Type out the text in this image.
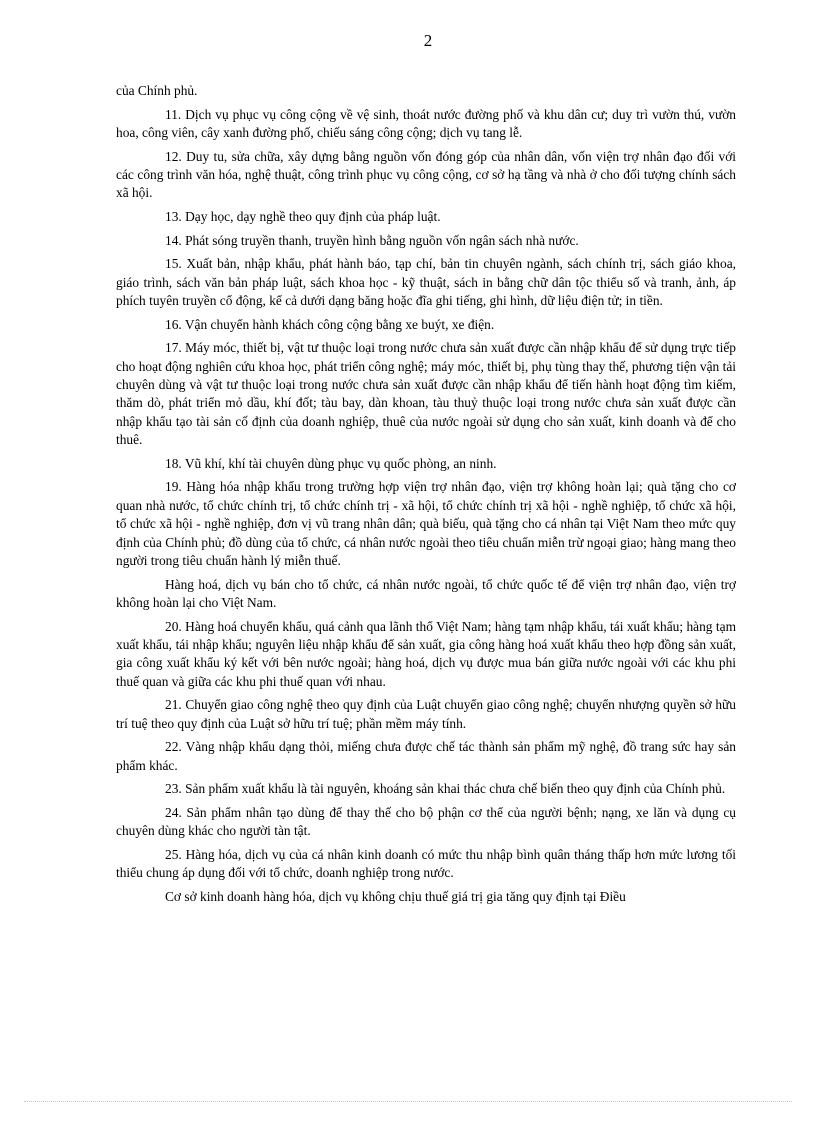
2

của Chính phủ.

11. Dịch vụ phục vụ công cộng về vệ sinh, thoát nước đường phố và khu dân cư; duy trì vườn thú, vườn hoa, công viên, cây xanh đường phố, chiếu sáng công cộng; dịch vụ tang lễ.

12. Duy tu, sửa chữa, xây dựng bằng nguồn vốn đóng góp của nhân dân, vốn viện trợ nhân đạo đối với các công trình văn hóa, nghệ thuật, công trình phục vụ công cộng, cơ sở hạ tầng và nhà ở cho đối tượng chính sách xã hội.

13. Dạy học, dạy nghề theo quy định của pháp luật.

14. Phát sóng truyền thanh, truyền hình bằng nguồn vốn ngân sách nhà nước.

15. Xuất bản, nhập khẩu, phát hành báo, tạp chí, bản tin chuyên ngành, sách chính trị, sách giáo khoa, giáo trình, sách văn bản pháp luật, sách khoa học - kỹ thuật, sách in bằng chữ dân tộc thiểu số và tranh, ảnh, áp phích tuyên truyền cổ động, kể cả dưới dạng băng hoặc đĩa ghi tiếng, ghi hình, dữ liệu điện tử; in tiền.

16. Vận chuyển hành khách công cộng bằng xe buýt, xe điện.

17. Máy móc, thiết bị, vật tư thuộc loại trong nước chưa sản xuất được cần nhập khẩu để sử dụng trực tiếp cho hoạt động nghiên cứu khoa học, phát triển công nghệ; máy móc, thiết bị, phụ tùng thay thế, phương tiện vận tải chuyên dùng và vật tư thuộc loại trong nước chưa sản xuất được cần nhập khẩu để tiến hành hoạt động tìm kiếm, thăm dò, phát triển mỏ dầu, khí đốt; tàu bay, dàn khoan, tàu thuỷ thuộc loại trong nước chưa sản xuất được cần nhập khẩu tạo tài sản cố định của doanh nghiệp, thuê của nước ngoài sử dụng cho sản xuất, kinh doanh và để cho thuê.

18. Vũ khí, khí tài chuyên dùng phục vụ quốc phòng, an ninh.

19. Hàng hóa nhập khẩu trong trường hợp viện trợ nhân đạo, viện trợ không hoàn lại; quà tặng cho cơ quan nhà nước, tổ chức chính trị, tổ chức chính trị - xã hội, tổ chức chính trị xã hội - nghề nghiệp, tổ chức xã hội, tổ chức xã hội - nghề nghiệp, đơn vị vũ trang nhân dân; quà biếu, quà tặng cho cá nhân tại Việt Nam theo mức quy định của Chính phủ; đồ dùng của tổ chức, cá nhân nước ngoài theo tiêu chuẩn miễn trừ ngoại giao; hàng mang theo người trong tiêu chuẩn hành lý miễn thuế.

Hàng hoá, dịch vụ bán cho tổ chức, cá nhân nước ngoài, tổ chức quốc tế để viện trợ nhân đạo, viện trợ không hoàn lại cho Việt Nam.

20. Hàng hoá chuyển khẩu, quá cảnh qua lãnh thổ Việt Nam; hàng tạm nhập khẩu, tái xuất khẩu; hàng tạm xuất khẩu, tái nhập khẩu; nguyên liệu nhập khẩu để sản xuất, gia công hàng hoá xuất khẩu theo hợp đồng sản xuất, gia công xuất khẩu ký kết với bên nước ngoài; hàng hoá, dịch vụ được mua bán giữa nước ngoài với các khu phi thuế quan và giữa các khu phi thuế quan với nhau.

21. Chuyển giao công nghệ theo quy định của Luật chuyển giao công nghệ; chuyển nhượng quyền sở hữu trí tuệ theo quy định của Luật sở hữu trí tuệ; phần mềm máy tính.

22. Vàng nhập khẩu dạng thỏi, miếng chưa được chế tác thành sản phẩm mỹ nghệ, đồ trang sức hay sản phẩm khác.

23. Sản phẩm xuất khẩu là tài nguyên, khoáng sản khai thác chưa chế biến theo quy định của Chính phủ.

24. Sản phẩm nhân tạo dùng để thay thế cho bộ phận cơ thể của người bệnh; nạng, xe lăn và dụng cụ chuyên dùng khác cho người tàn tật.

25. Hàng hóa, dịch vụ của cá nhân kinh doanh có mức thu nhập bình quân tháng thấp hơn mức lương tối thiểu chung áp dụng đối với tổ chức, doanh nghiệp trong nước.

Cơ sở kinh doanh hàng hóa, dịch vụ không chịu thuế giá trị gia tăng quy định tại Điều
